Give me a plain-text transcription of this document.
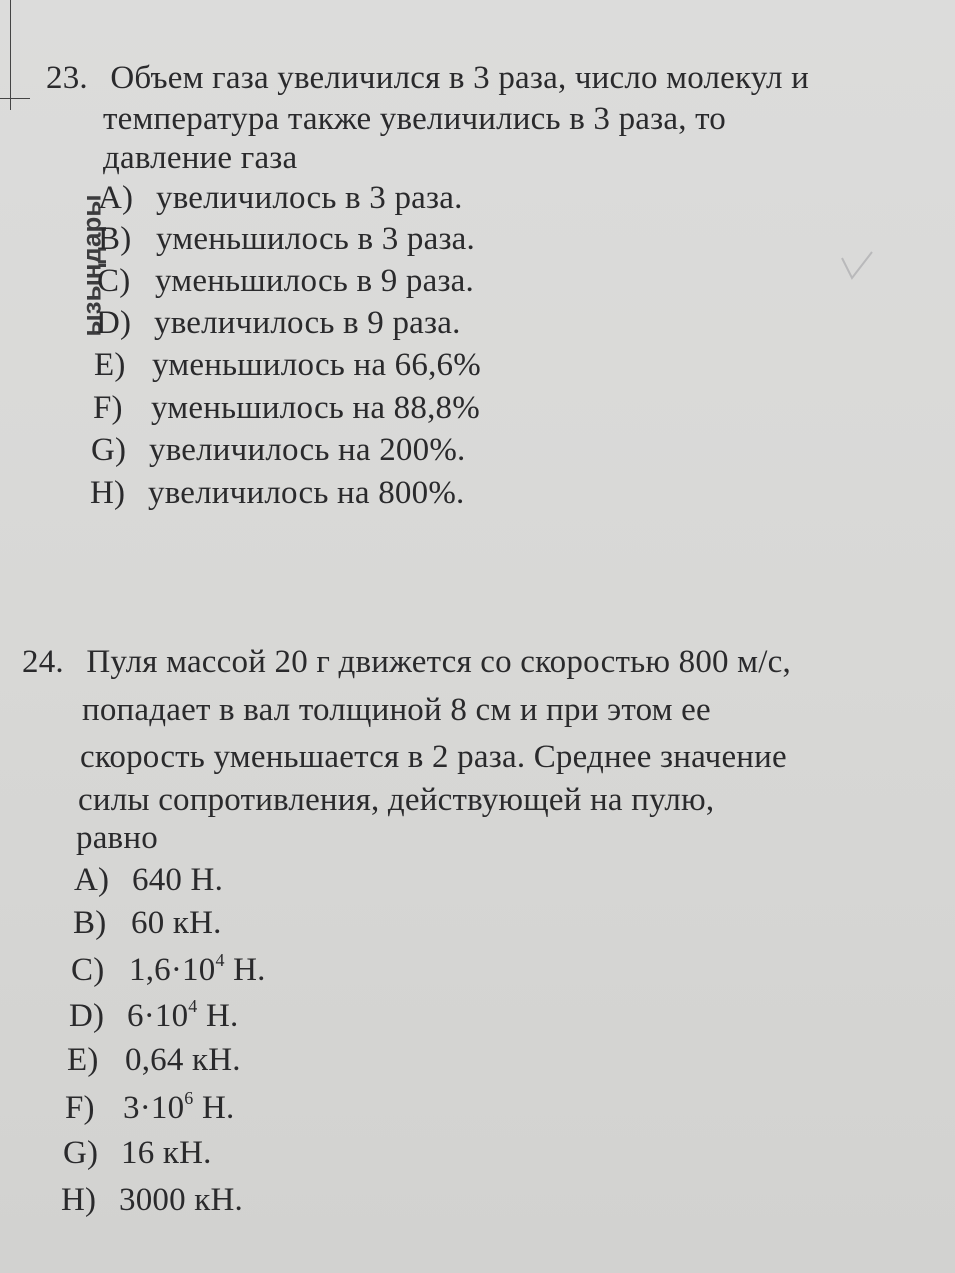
ызыңдары
23. Объем газа увеличился в 3 раза, число молекул и
температура также увеличились в 3 раза, то
давление газа
A) увеличилось в 3 раза.
B) уменьшилось в 3 раза.
C) уменьшилось в 9 раза.
D) увеличилось в 9 раза.
E) уменьшилось на 66,6%
F) уменьшилось на 88,8%
G) увеличилось на 200%.
H) увеличилось на 800%.
24. Пуля массой 20 г движется со скоростью 800 м/с,
попадает в вал толщиной 8 см и при этом ее
скорость уменьшается в 2 раза. Среднее значение
силы сопротивления, действующей на пулю,
равно
A) 640 Н.
B) 60 кН.
C) $1,6\cdot 10^4$ Н.
D) $6\cdot 10^4$ Н.
E) 0,64 кН.
F) $3\cdot 10^6$ Н.
G) 16 кН.
H) 3000 кН.
